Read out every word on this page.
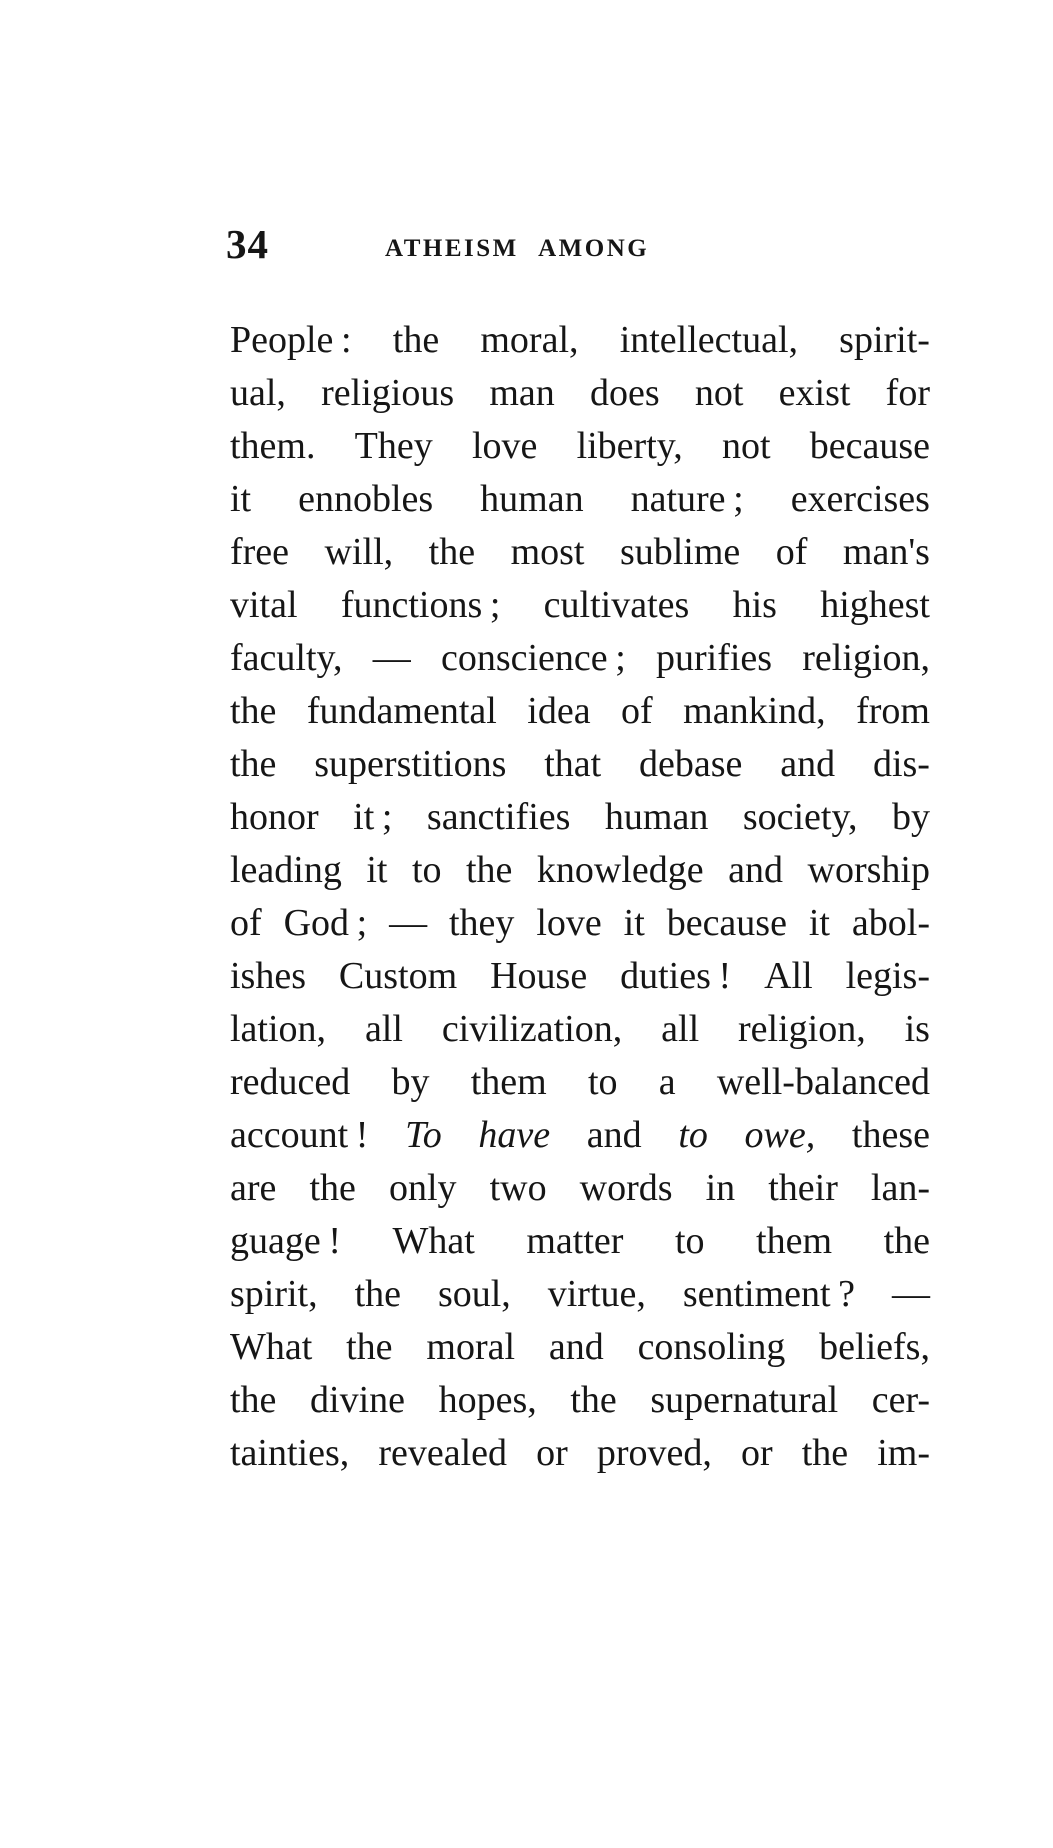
34	ATHEISM AMONG
People : the moral, intellectual, spirit-
ual, religious man does not exist for
them. They love liberty, not because
it ennobles human nature ; exercises
free will, the most sublime of man's
vital functions ; cultivates his highest
faculty, — conscience ; purifies religion,
the fundamental idea of mankind, from
the superstitions that debase and dis-
honor it ; sanctifies human society, by
leading it to the knowledge and worship
of God ; — they love it because it abol-
ishes Custom House duties ! All legis-
lation, all civilization, all religion, is
reduced by them to a well-balanced
account ! To have and to owe, these
are the only two words in their lan-
guage ! What matter to them the
spirit, the soul, virtue, sentiment ? —
What the moral and consoling beliefs,
the divine hopes, the supernatural cer-
tainties, revealed or proved, or the im-
